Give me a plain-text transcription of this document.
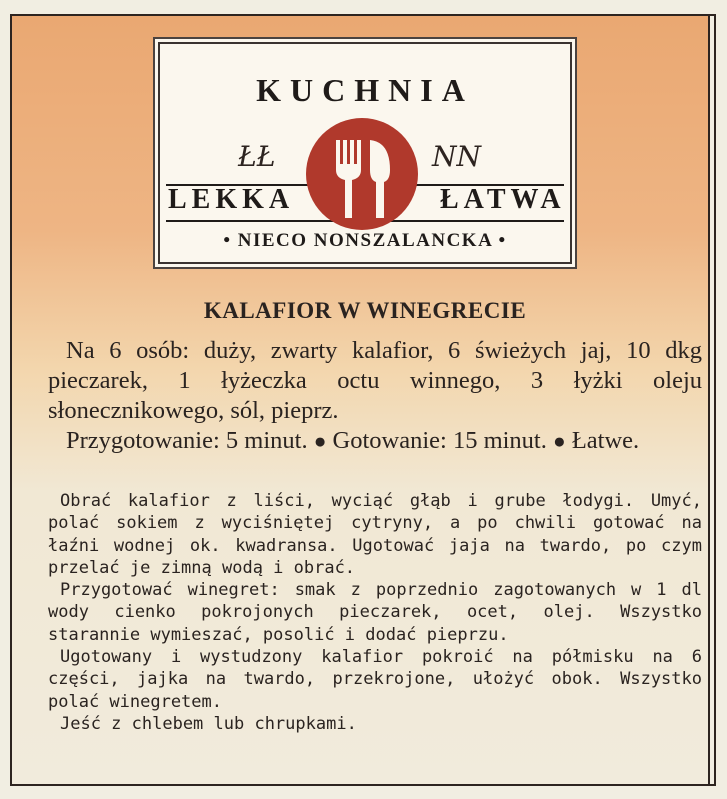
KUCHNIA
ŁŁ	NN
LEKKA	ŁATWA
• NIECO NONSZALANCKA •
KALAFIOR W WINEGRECIE

Na 6 osób: duży, zwarty kalafior, 6 świeżych jaj, 10 dkg pieczarek, 1 łyżeczka octu winnego, 3 łyżki oleju słonecznikowego, sól, pieprz.

Przygotowanie: 5 minut. ● Gotowanie: 15 minut. ● Łatwe.

Obrać kalafior z liści, wyciąć głąb i grube łodygi. Umyć, polać sokiem z wyciśniętej cytryny, a po chwili gotować na łaźni wodnej ok. kwadransa. Ugotować jaja na twardo, po czym przelać je zimną wodą i obrać.

Przygotować winegret: smak z poprzednio zagotowanych w 1 dl wody cienko pokrojonych pieczarek, ocet, olej. Wszystko starannie wymieszać, posolić i dodać pieprzu.

Ugotowany i wystudzony kalafior pokroić na półmisku na 6 części, jajka na twardo, przekrojone, ułożyć obok. Wszystko polać winegretem.

Jeść z chlebem lub chrupkami.
